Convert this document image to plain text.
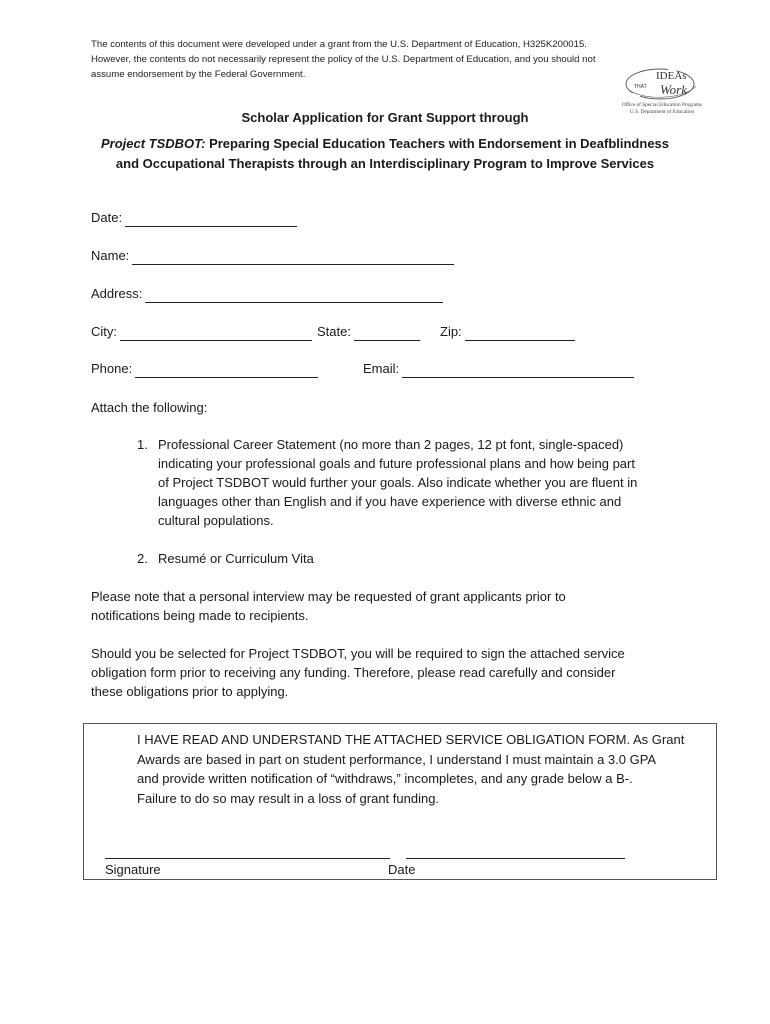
The contents of this document were developed under a grant from the U.S. Department of Education, H325K200015. However, the contents do not necessarily represent the policy of the U.S. Department of Education, and you should not assume endorsement by the Federal Government.	IDEAs
THAT Work
Office of Special Education Programs
U.S. Department of Education
Scholar Application for Grant Support through
Project TSDBOT: Preparing Special Education Teachers with Endorsement in Deafblindness
and Occupational Therapists through an Interdisciplinary Program to Improve Services
Date:
Name:
Address:
City:	State:	Zip:
Phone:	Email:
Attach the following:
1. Professional Career Statement (no more than 2 pages, 12 pt font, single-spaced)
indicating your professional goals and future professional plans and how being part
of Project TSDBOT would further your goals. Also indicate whether you are fluent in
languages other than English and if you have experience with diverse ethnic and
cultural populations.
2. Resumé or Curriculum Vita
Please note that a personal interview may be requested of grant applicants prior to
notifications being made to recipients.
Should you be selected for Project TSDBOT, you will be required to sign the attached service
obligation form prior to receiving any funding. Therefore, please read carefully and consider
these obligations prior to applying.
I HAVE READ AND UNDERSTAND THE ATTACHED SERVICE OBLIGATION FORM. As Grant
Awards are based in part on student performance, I understand I must maintain a 3.0 GPA
and provide written notification of “withdraws,” incompletes, and any grade below a B-.
Failure to do so may result in a loss of grant funding.
Signature	Date
